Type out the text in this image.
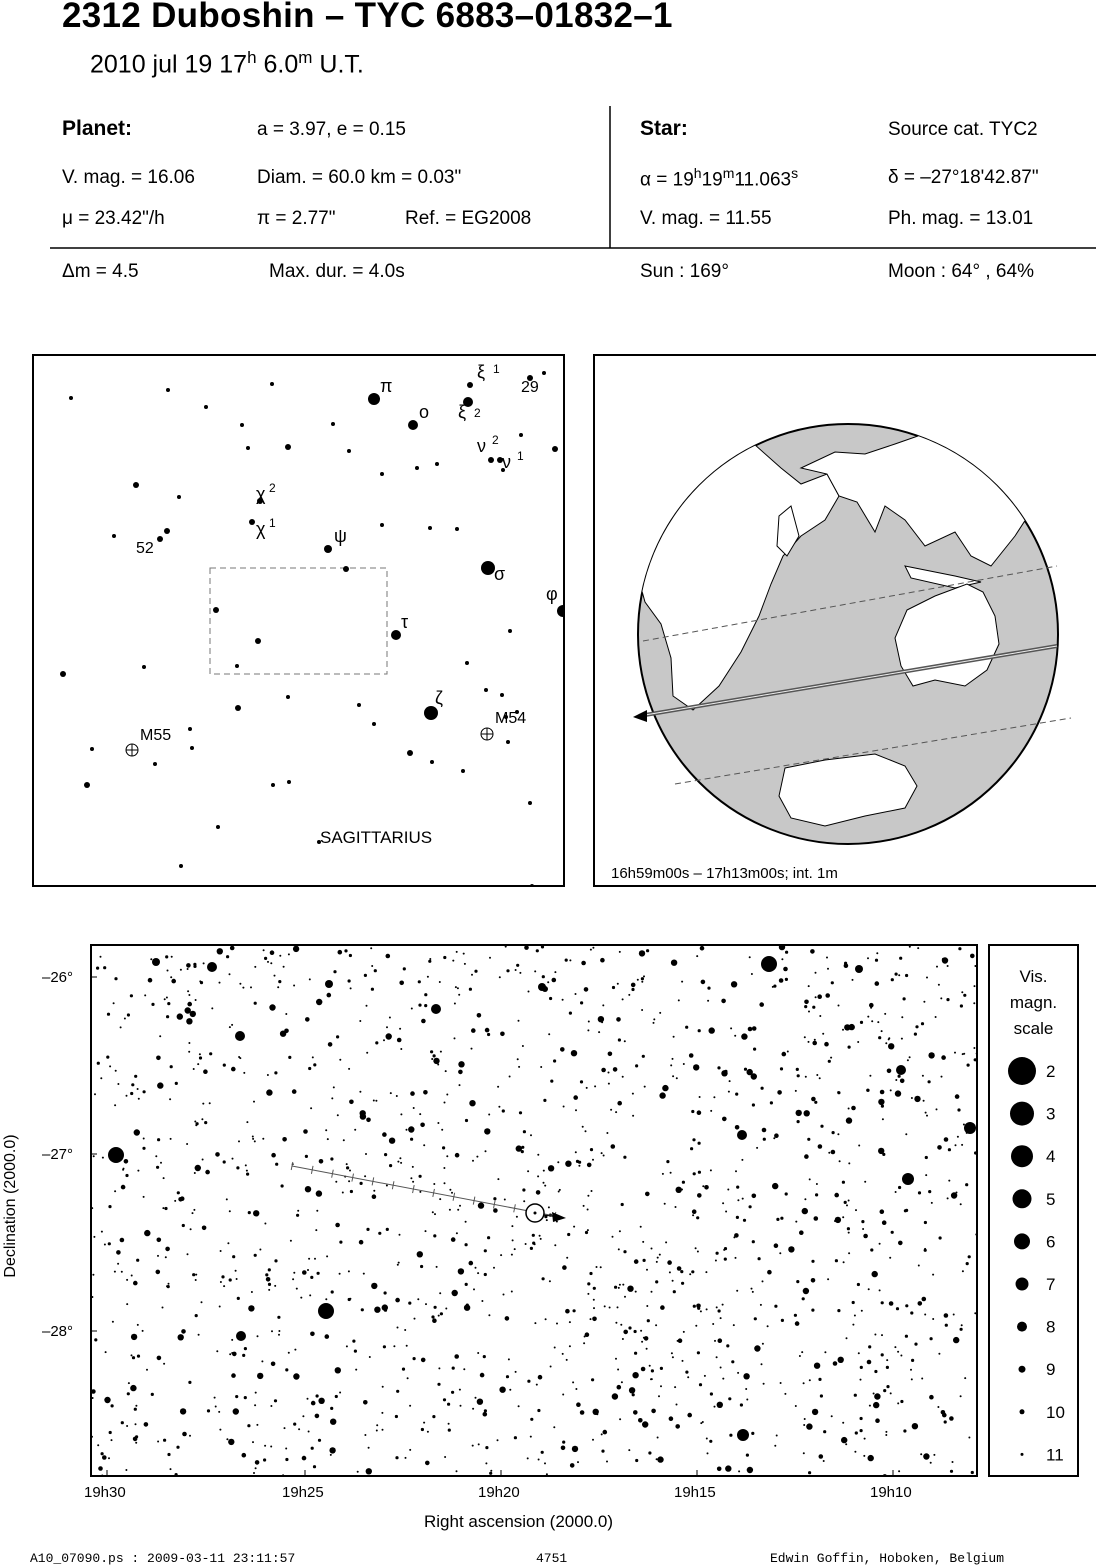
2312 Duboshin – TYC 6883–01832–1
2010 jul 19 17$^h$ 6.0$^m$ U.T.
Planet:	a = 3.97, e = 0.15
V. mag. = 16.06	Diam. = 60.0 km = 0.03"
μ = 23.42"/h	π = 2.77"	Ref. = EG2008
Star:	Source cat. TYC2
$\alpha = 19^h19^m11.063^s$	δ = –27°18'42.87"
V. mag. = 11.55	Ph. mag. = 13.01
Δm = 4.5	Max. dur. = 4.0s	Sun : 169°	Moon : 64° , 64%
π
ο
ξ 1
ξ 2
29
ν 2
ν 1
χ 2
χ 1
ψ
52
σ
φ
τ
ζ
M54
M55
SAGITTARIUS
16h59m00s – 17h13m00s; int. 1m
–26°
–27°
–28°
Declination (2000.0)
19h30	19h25	19h20	19h15	19h10
Right ascension (2000.0)
Vis.
magn.
scale
2
3
4
5
6
7
8
9
10
11
A10_07090.ps : 2009-03-11 23:11:57	4751	Edwin Goffin, Hoboken, Belgium
